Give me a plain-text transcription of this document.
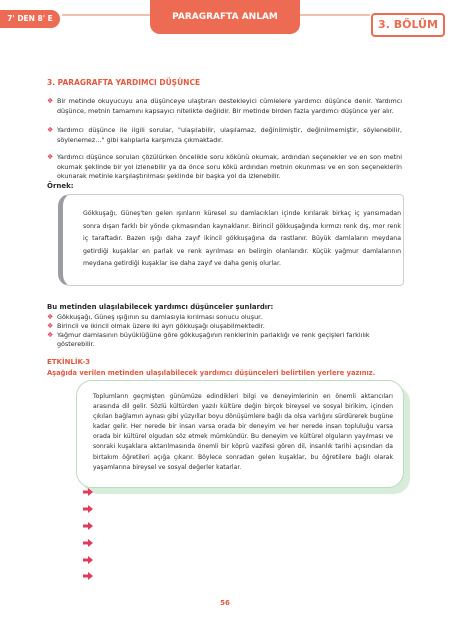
7' DEN 8' E	PARAGRAFTA ANLAM
3. BÖLÜM
3. PARAGRAFTA YARDIMCI DÜŞÜNCE
❖ Bir metinde okuyucuyu ana düşünceye ulaştıran destekleyici cümlelere yardımcı düşünce denir. Yardımcı düşünce, metnin tamamını kapsayıcı nitelikte değildir. Bir metinde birden fazla yardımcı düşünce yer alır.
❖ Yardımcı düşünce ile ilgili sorular, "ulaşılabilir, ulaşılamaz, değinilmiştir, değinilmemiştir, söylenebilir, söylenemez…" gibi kalıplarla karşımıza çıkmaktadır.
❖ Yardımcı düşünce soruları çözülürken öncelikle soru kökünü okumak, ardından seçenekler ve en son metni okumak şeklinde bir yol izlenebilir ya da önce soru kökü ardından metnin okunması ve en son seçeneklerin okunarak metinle karşılaştırılması şeklinde bir başka yol da izlenebilir.
Örnek:
Gökkuşağı, Güneş'ten gelen ışınların küresel su damlacıkları içinde kırılarak birkaç iç yansımadan sonra dışarı farklı bir yönde çıkmasından kaynaklanır. Birincil gökkuşağında kırmızı renk dış, mor renk iç taraftadır. Bazen ışığı daha zayıf ikincil gökkuşağına da rastlanır. Büyük damlaların meydana getirdiği kuşaklar en parlak ve renk ayrılması en belirgin olanlarıdır. Küçük yağmur damlalarının meydana getirdiği kuşaklar ise daha zayıf ve daha geniş olurlar.
Bu metinden ulaşılabilecek yardımcı düşünceler şunlardır:
❖ Gökkuşağı, Güneş ışığının su damlasıyla kırılması sonucu oluşur.
❖ Birincil ve ikincil olmak üzere iki ayrı gökkuşağı oluşabilmektedir.
❖ Yağmur damlasının büyüklüğüne göre gökkuşağının renklerinin parlaklığı ve renk geçişleri farklılık gösterebilir.
ETKİNLİK-3
Aşağıda verilen metinden ulaşılabilecek yardımcı düşünceleri belirtilen yerlere yazınız.
Toplumların geçmişten günümüze edindikleri bilgi ve deneyimlerinin en önemli aktarıcıları arasında dil gelir. Sözlü kültürden yazılı kültüre değin birçok bireysel ve sosyal birikim, içinden çıkılan bağlamın aynası gibi yüzyıllar boyu dönüşümlere bağlı da olsa varlığını sürdürerek bugüne kadar gelir. Her nerede bir insan varsa orada bir deneyim ve her nerede insan topluluğu varsa orada bir kültürel olgudan söz etmek mümkündür. Bu deneyim ve kültürel olguların yayılması ve sonraki kuşaklara aktarılmasında önemli bir köprü vazifesi gören dil, insanlık tarihi açısından da birtakım öğretileri açığa çıkarır. Böylece sonradan gelen kuşaklar, bu öğretilere bağlı olarak yaşamlarına bireysel ve sosyal değerler katarlar.
56
